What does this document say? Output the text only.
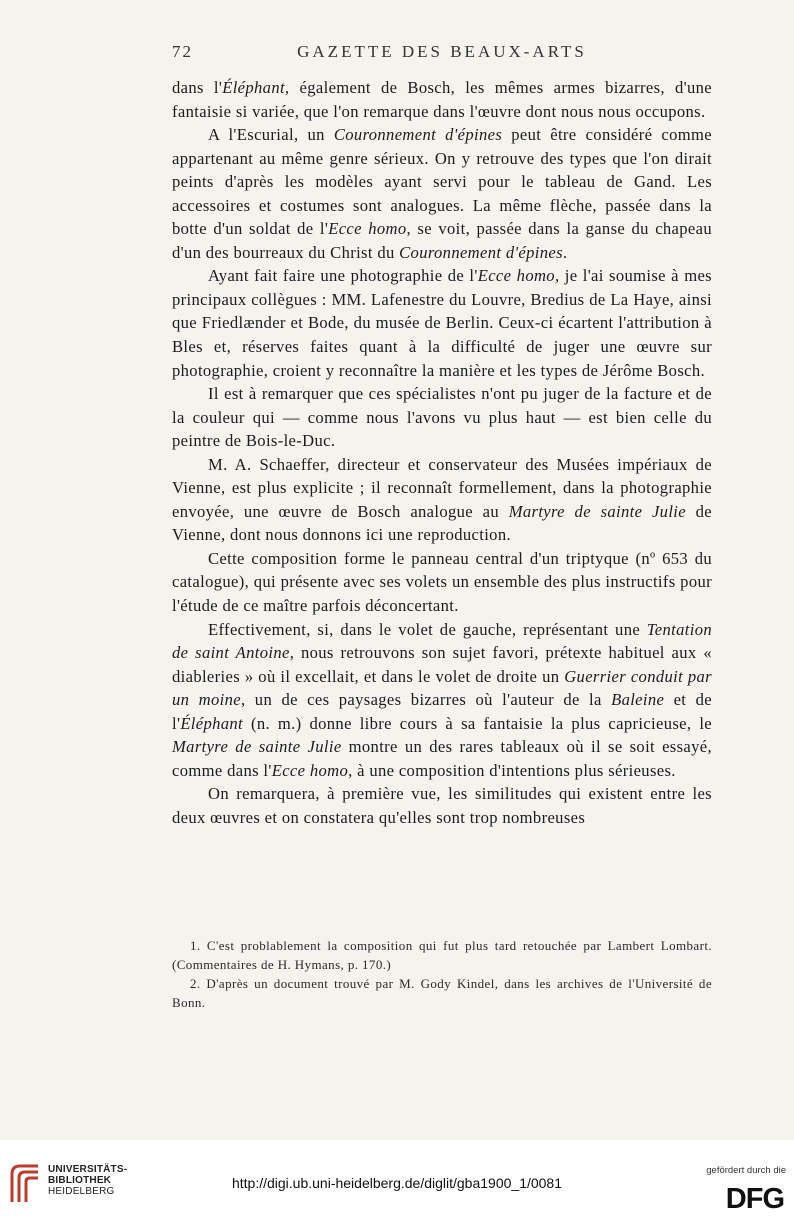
72	GAZETTE DES BEAUX-ARTS

dans l'Éléphant, également de Bosch, les mêmes armes bizarres, d'une fantaisie si variée, que l'on remarque dans l'œuvre dont nous nous occupons.

A l'Escurial, un Couronnement d'épines peut être considéré comme appartenant au même genre sérieux. On y retrouve des types que l'on dirait peints d'après les modèles ayant servi pour le tableau de Gand. Les accessoires et costumes sont analogues. La même flèche, passée dans la botte d'un soldat de l'Ecce homo, se voit, passée dans la ganse du chapeau d'un des bourreaux du Christ du Couronnement d'épines.

Ayant fait faire une photographie de l'Ecce homo, je l'ai soumise à mes principaux collègues : MM. Lafenestre du Louvre, Bredius de La Haye, ainsi que Friedlænder et Bode, du musée de Berlin. Ceux-ci écartent l'attribution à Bles et, réserves faites quant à la difficulté de juger une œuvre sur photographie, croient y reconnaître la manière et les types de Jérôme Bosch.

Il est à remarquer que ces spécialistes n'ont pu juger de la facture et de la couleur qui — comme nous l'avons vu plus haut — est bien celle du peintre de Bois-le-Duc.

M. A. Schaeffer, directeur et conservateur des Musées impériaux de Vienne, est plus explicite ; il reconnaît formellement, dans la photographie envoyée, une œuvre de Bosch analogue au Martyre de sainte Julie de Vienne, dont nous donnons ici une reproduction.

Cette composition forme le panneau central d'un triptyque (nº 653 du catalogue), qui présente avec ses volets un ensemble des plus instructifs pour l'étude de ce maître parfois déconcertant.

Effectivement, si, dans le volet de gauche, représentant une Tentation de saint Antoine, nous retrouvons son sujet favori, prétexte habituel aux « diableries » où il excellait, et dans le volet de droite un Guerrier conduit par un moine, un de ces paysages bizarres où l'auteur de la Baleine et de l'Éléphant (n. m.) donne libre cours à sa fantaisie la plus capricieuse, le Martyre de sainte Julie montre un des rares tableaux où il se soit essayé, comme dans l'Ecce homo, à une composition d'intentions plus sérieuses.

On remarquera, à première vue, les similitudes qui existent entre les deux œuvres et on constatera qu'elles sont trop nombreuses

1. C'est problablement la composition qui fut plus tard retouchée par Lambert Lombart. (Commentaires de H. Hymans, p. 170.)

2. D'après un document trouvé par M. Gody Kindel, dans les archives de l'Université de Bonn.

UNIVERSITÄTS-
BIBLIOTHEK
HEIDELBERG
http://digi.ub.uni-heidelberg.de/diglit/gba1900_1/0081
gefördert durch die
DFG
